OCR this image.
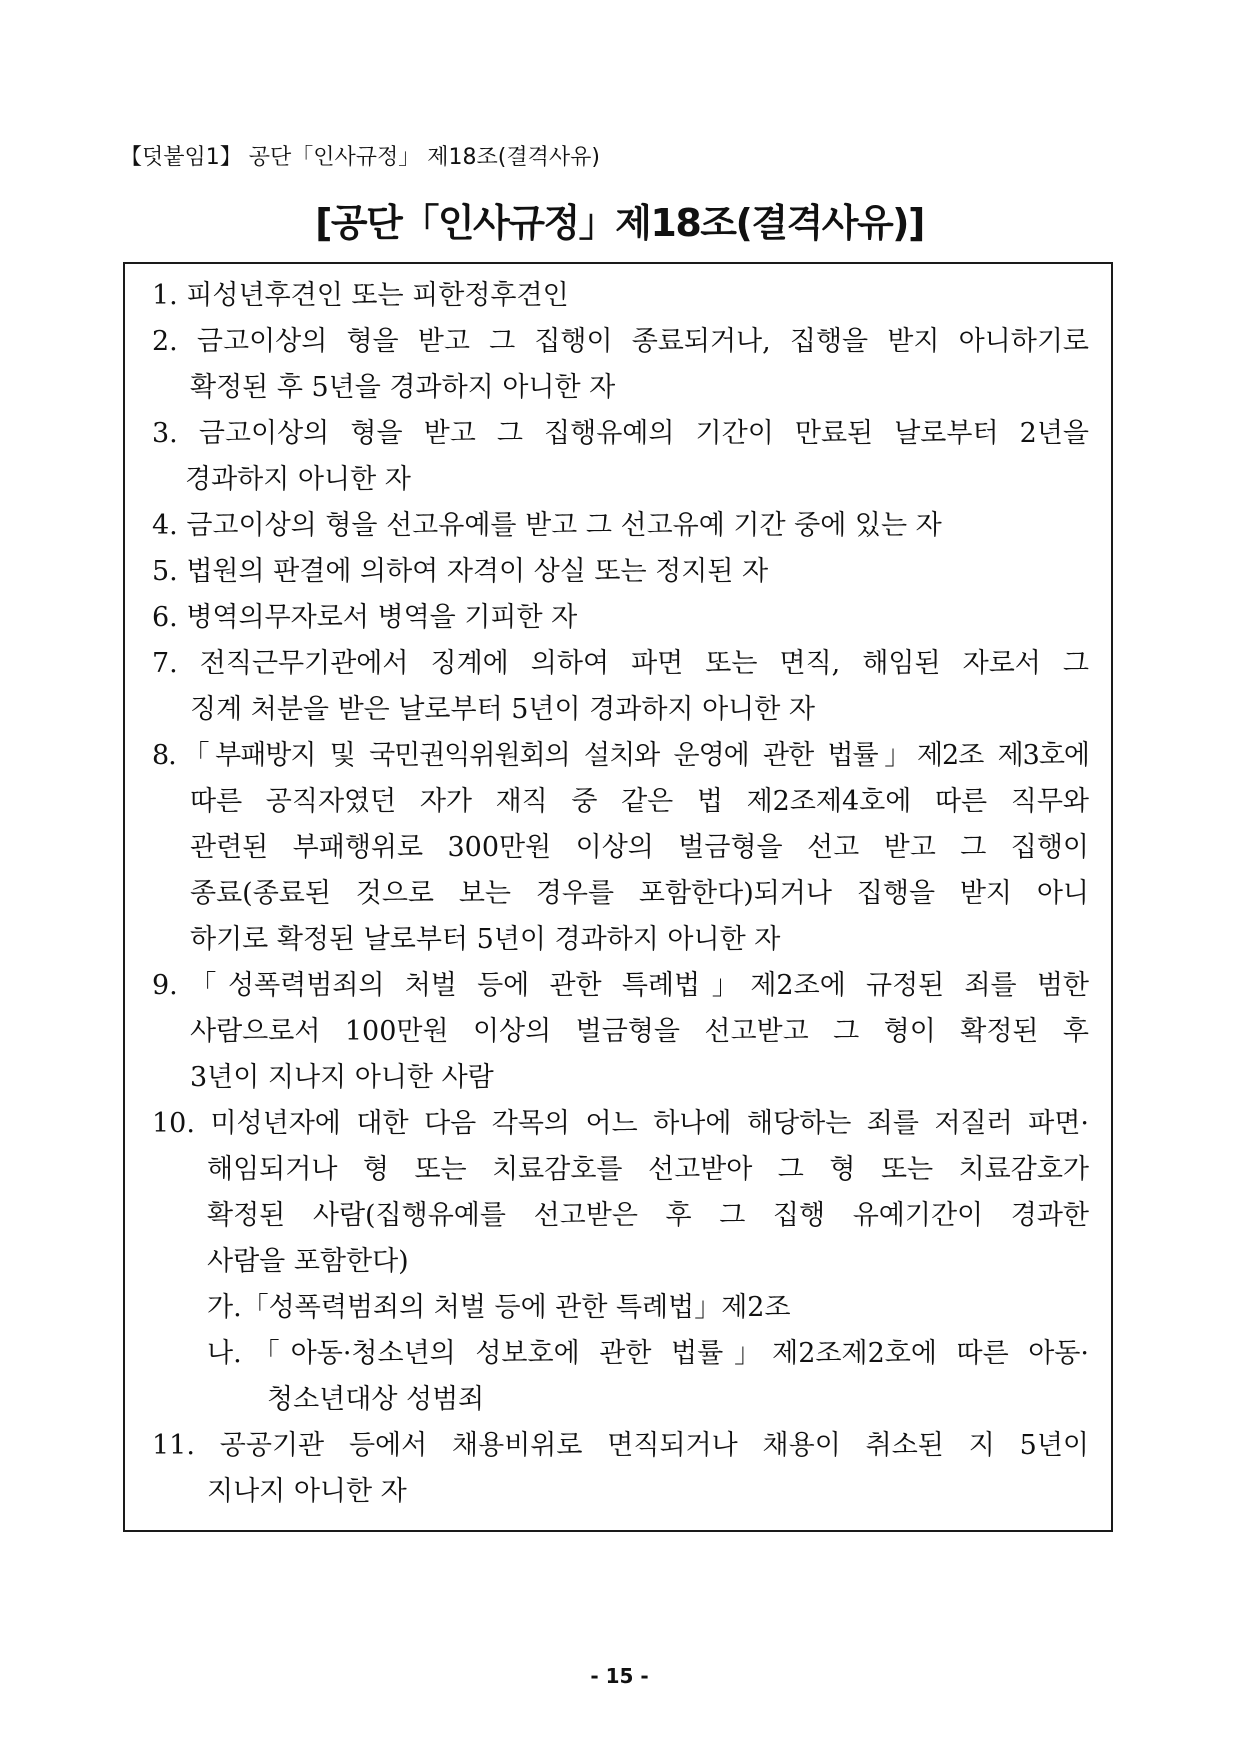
【덧붙임1】 공단「인사규정」 제18조(결격사유)
[공단「인사규정」제18조(결격사유)]
1. 피성년후견인 또는 피한정후견인
2. 금고이상의 형을 받고 그 집행이 종료되거나, 집행을 받지 아니하기로
확정된 후 5년을 경과하지 아니한 자
3. 금고이상의 형을 받고 그 집행유예의 기간이 만료된 날로부터 2년을
경과하지 아니한 자
4. 금고이상의 형을 선고유예를 받고 그 선고유예 기간 중에 있는 자
5. 법원의 판결에 의하여 자격이 상실 또는 정지된 자
6. 병역의무자로서 병역을 기피한 자
7. 전직근무기관에서 징계에 의하여 파면 또는 면직, 해임된 자로서 그
징계 처분을 받은 날로부터 5년이 경과하지 아니한 자
8.「부패방지 및 국민권익위원회의 설치와 운영에 관한 법률」제2조 제3호에
따른 공직자였던 자가 재직 중 같은 법 제2조제4호에 따른 직무와
관련된 부패행위로 300만원 이상의 벌금형을 선고 받고 그 집행이
종료(종료된 것으로 보는 경우를 포함한다)되거나 집행을 받지 아니
하기로 확정된 날로부터 5년이 경과하지 아니한 자
9.「성폭력범죄의 처벌 등에 관한 특례법」제2조에 규정된 죄를 범한
사람으로서 100만원 이상의 벌금형을 선고받고 그 형이 확정된 후
3년이 지나지 아니한 사람
10. 미성년자에 대한 다음 각목의 어느 하나에 해당하는 죄를 저질러 파면·
해임되거나 형 또는 치료감호를 선고받아 그 형 또는 치료감호가
확정된 사람(집행유예를 선고받은 후 그 집행 유예기간이 경과한
사람을 포함한다)
가.「성폭력범죄의 처벌 등에 관한 특례법」제2조
나.「아동·청소년의 성보호에 관한 법률」제2조제2호에 따른 아동·
청소년대상 성범죄
11. 공공기관 등에서 채용비위로 면직되거나 채용이 취소된 지 5년이
지나지 아니한 자
- 15 -
